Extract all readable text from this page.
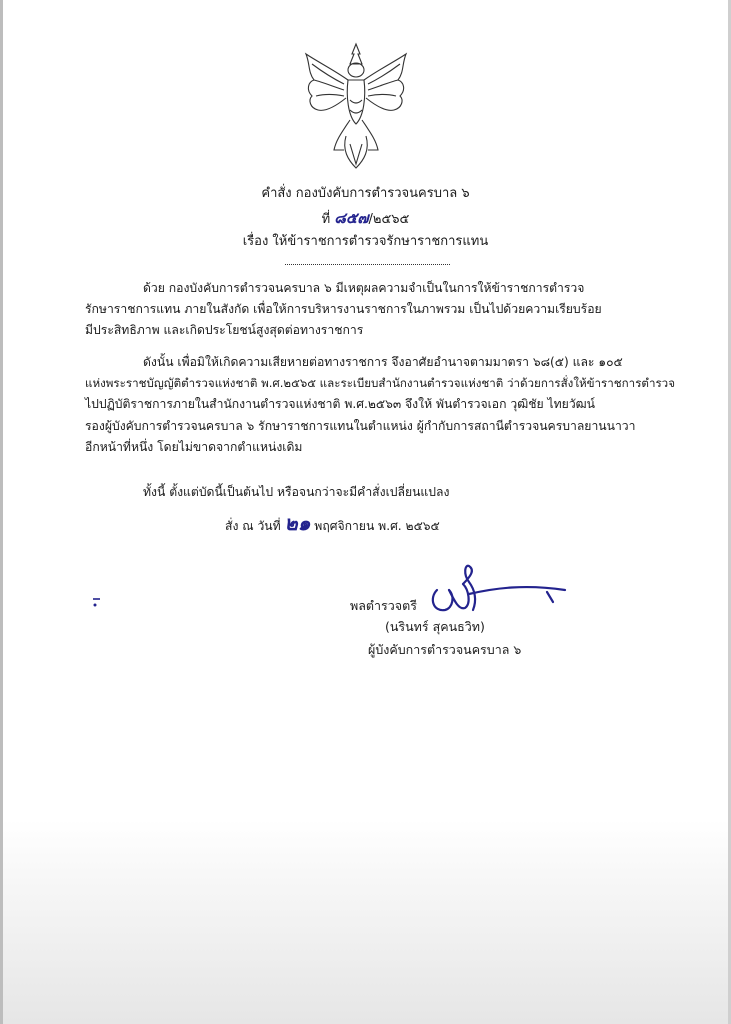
คำสั่ง กองบังคับการตำรวจนครบาล ๖
ที่ ๘๕๗/๒๕๖๕
เรื่อง ให้ข้าราชการตำรวจรักษาราชการแทน
ด้วย กองบังคับการตำรวจนครบาล ๖ มีเหตุผลความจำเป็นในการให้ข้าราชการตำรวจ
รักษาราชการแทน ภายในสังกัด เพื่อให้การบริหารงานราชการในภาพรวม เป็นไปด้วยความเรียบร้อย
มีประสิทธิภาพ และเกิดประโยชน์สูงสุดต่อทางราชการ
ดังนั้น เพื่อมิให้เกิดความเสียหายต่อทางราชการ จึงอาศัยอำนาจตามมาตรา ๖๘(๕) และ ๑๐๕
แห่งพระราชบัญญัติตำรวจแห่งชาติ พ.ศ.๒๕๖๕ และระเบียบสำนักงานตำรวจแห่งชาติ ว่าด้วยการสั่งให้ข้าราชการตำรวจ
ไปปฏิบัติราชการภายในสำนักงานตำรวจแห่งชาติ พ.ศ.๒๕๖๓ จึงให้ พันตำรวจเอก วุฒิชัย ไทยวัฒน์
รองผู้บังคับการตำรวจนครบาล ๖ รักษาราชการแทนในตำแหน่ง ผู้กำกับการสถานีตำรวจนครบาลยานนาวา
อีกหน้าที่หนึ่ง โดยไม่ขาดจากตำแหน่งเดิม
ทั้งนี้ ตั้งแต่บัดนี้เป็นต้นไป หรือจนกว่าจะมีคำสั่งเปลี่ยนแปลง
สั่ง ณ วันที่ ๒๑ พฤศจิกายน พ.ศ. ๒๕๖๕
พลตำรวจตรี
(นรินทร์ สุคนธวิท)
ผู้บังคับการตำรวจนครบาล ๖
